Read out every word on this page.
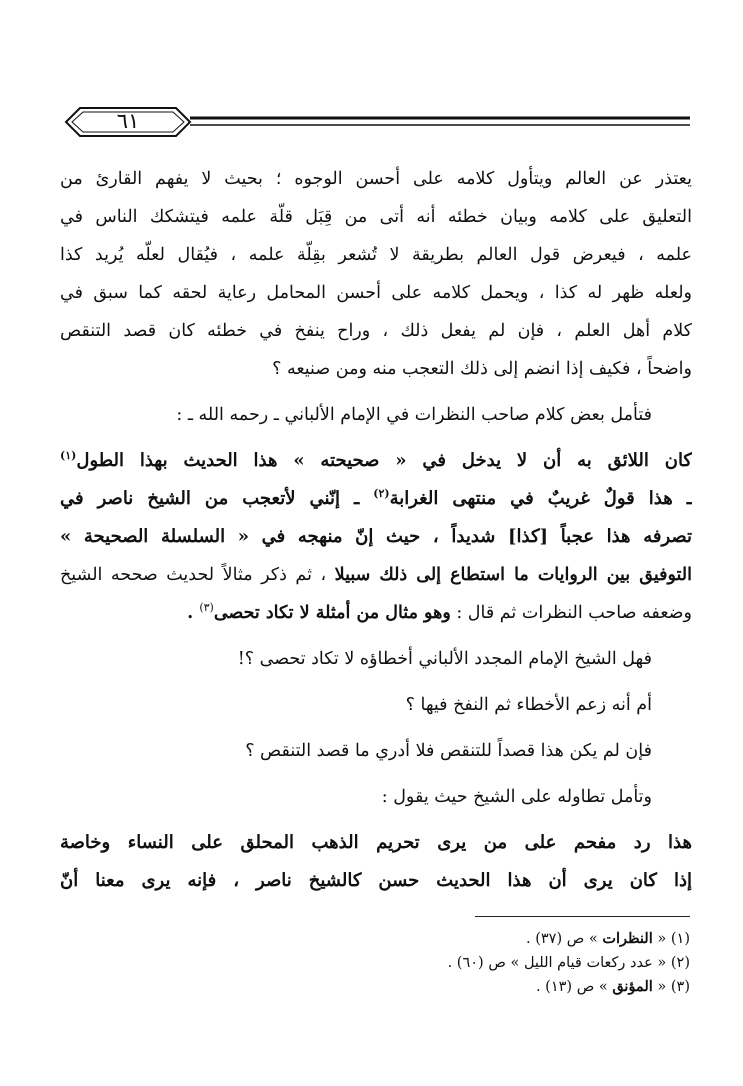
٦١
يعتذر عن العالم ويتأول كلامه على أحسن الوجوه ؛ بحيث لا يفهم القارئ من
التعليق على كلامه وبيان خطئه أنه أتى من قِبَل قلّة علمه فيتشكك الناس في
علمه ، فيعرض قول العالم بطريقة لا تُشعر بقِلّة علمه ، فيُقال لعلّه يُريد كذا
ولعله ظهر له كذا ، ويحمل كلامه على أحسن المحامل رعاية لحقه كما سبق في
كلام أهل العلم ، فإن لم يفعل ذلك ، وراح ينفخ في خطئه كان قصد التنقص
واضحاً ، فكيف إذا انضم إلى ذلك التعجب منه ومن صنيعه ؟
فتأمل بعض كلام صاحب النظرات في الإمام الألباني ـ رحمه الله ـ :
كان اللائق به أن لا يدخل في « صحيحته » هذا الحديث بهذا الطول$^{(١)}$
ـ هذا قولٌ غريبٌ في منتهى الغرابة$^{(٢)}$ ـ إنّني لأتعجب من الشيخ ناصر في
تصرفه هذا عجباً [كذا] شديداً ، حيث إنّ منهجه في « السلسلة الصحيحة »
التوفيق بين الروايات ما استطاع إلى ذلك سبيلا ، ثم ذكر مثالاً لحديث صححه الشيخ
وضعفه صاحب النظرات ثم قال : وهو مثال من أمثلة لا تكاد تحصى$^{(٣)}$ .
فهل الشيخ الإمام المجدد الألباني أخطاؤه لا تكاد تحصى ؟!
أم أنه زعم الأخطاء ثم النفخ فيها ؟
فإن لم يكن هذا قصداً للتنقص فلا أدري ما قصد التنقص ؟
وتأمل تطاوله على الشيخ حيث يقول :
هذا رد مفحم على من يرى تحريم الذهب المحلق على النساء وخاصة
إذا كان يرى أن هذا الحديث حسن كالشيخ ناصر ، فإنه يرى معنا أنّ
(١) « النظرات » ص (٣٧) .
(٢) « عدد ركعات قيام الليل » ص (٦٠) .
(٣) « المؤنق » ص (١٣) .
